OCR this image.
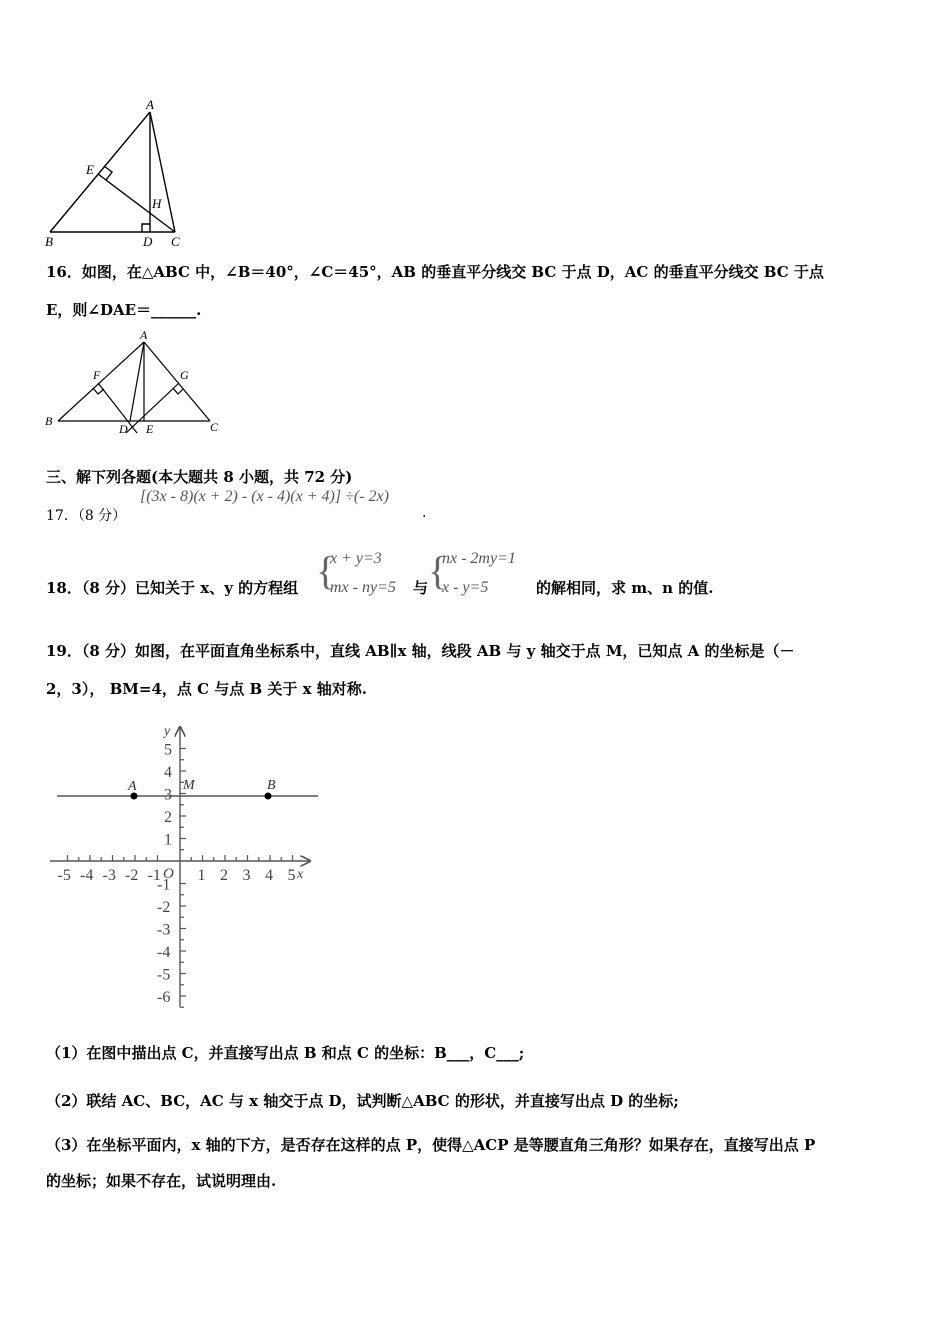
A
E
H
B	D C
16．如图，在△ABC 中，∠B＝40°，∠C＝45°，AB 的垂直平分线交 BC 于点 D，AC 的垂直平分线交 BC 于点
E，则∠DAE＝______.
A
F	G
B
D E	C
三、解下列各题(本大题共 8 小题，共 72 分)
17．（8 分）
[(3x - 8)(x + 2) - (x - 4)(x + 4)] ÷(- 2x)
.
18．（8 分）已知关于 x、y 的方程组 {
x + y=3
mx - ny=5 与 {
nx - 2my=1
x - y=5	的解相同，求 m、n 的值.
19．（8 分）如图，在平面直角坐标系中，直线 AB∥x 轴，线段 AB 与 y 轴交于点 M，已知点 A 的坐标是（－
2，3）， BM=4，点 C 与点 B 关于 x 轴对称.
-5 -4 -3 -2 -1 1 2 3 4 5
5
4
3
2
1
-1
-2
-3
-4
-5
-6
x
y
O
A	B
M
（1）在图中描出点 C，并直接写出点 B 和点 C 的坐标：B___，C___;
（2）联结 AC、BC，AC 与 x 轴交于点 D，试判断△ABC 的形状，并直接写出点 D 的坐标;
（3）在坐标平面内，x 轴的下方，是否存在这样的点 P，使得△ACP 是等腰直角三角形？如果存在，直接写出点 P
的坐标；如果不存在，试说明理由.
